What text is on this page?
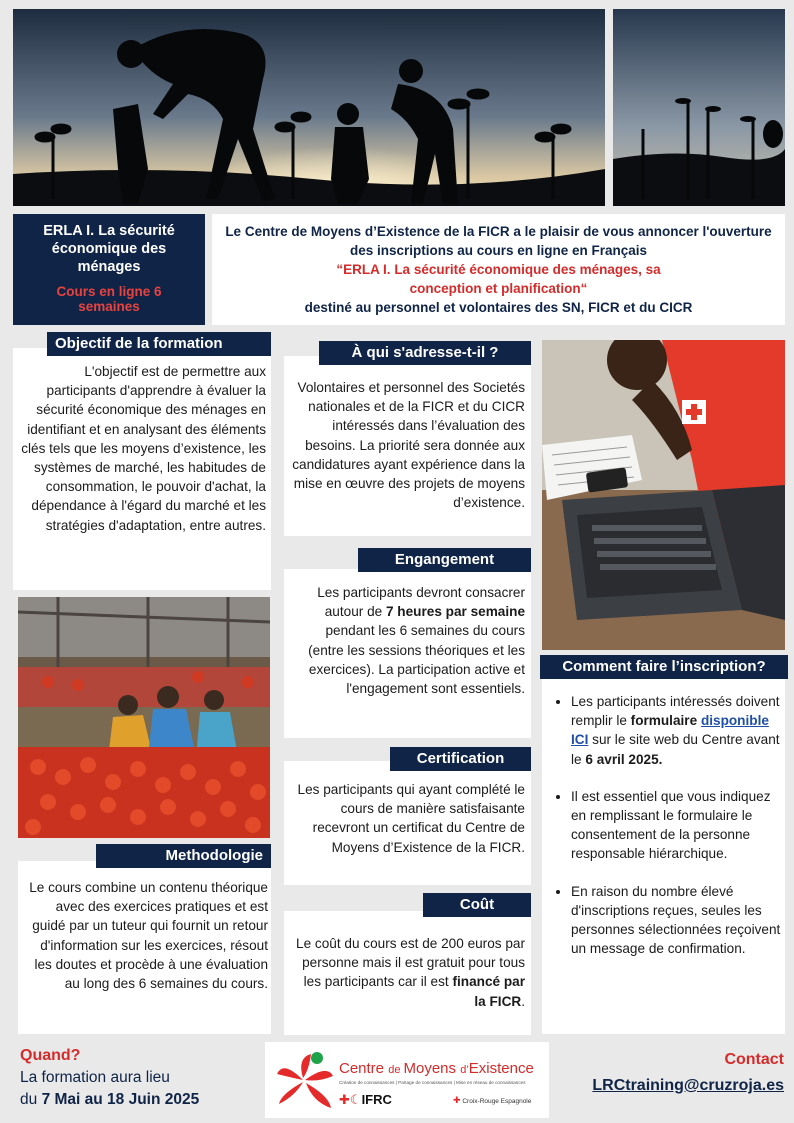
ERLA I. La sécurité économique des ménages
Cours en ligne 6 semaines
Le Centre de Moyens d’Existence de la FICR a le plaisir de vous annoncer l'ouverture des inscriptions au cours en ligne en Français
“ERLA I. La sécurité économique des ménages, sa conception et planification“
destiné au personnel et volontaires des SN, FICR et du CICR
Objectif de la formation
L'objectif est de permettre aux participants d'apprendre à évaluer la sécurité économique des ménages en identifiant et en analysant des éléments clés tels que les moyens d’existence, les systèmes de marché, les habitudes de consommation, le pouvoir d'achat, la dépendance à l'égard du marché et les stratégies d'adaptation, entre autres.
Methodologie
Le cours combine un contenu théorique avec des exercices pratiques et est guidé par un tuteur qui fournit un retour d'information sur les exercices, résout les doutes et procède à une évaluation au long des 6 semaines du cours.
À qui s'adresse-t-il ?
Volontaires et personnel des Societés nationales et de la FICR et du CICR intéressés dans l’évaluation des besoins. La priorité sera donnée aux candidatures ayant expérience dans la mise en œuvre des projets de moyens d’existence.
Engangement
Les participants devront consacrer autour de 7 heures par semaine pendant les 6 semaines du cours (entre les sessions théoriques et les exercices). La participation active et l'engagement sont essentiels.
Certification
Les participants qui ayant complété le cours de manière satisfaisante recevront un certificat du Centre de Moyens d’Existence de la FICR.
Coût
Le coût du cours est de 200 euros par personne mais il est gratuit pour tous les participants car il est financé par la FICR.
Comment faire l’inscription?
• Les participants intéressés doivent remplir le formulaire disponible ICI sur le site web du Centre avant le 6 avril 2025.
• Il est essentiel que vous indiquez en remplissant le formulaire le consentement de la personne responsable hiérarchique.
• En raison du nombre élevé d'inscriptions reçues, seules les personnes sélectionnées reçoivent un message de confirmation.
Quand?
La formation aura lieu
du 7 Mai au 18 Juin 2025
Centre de Moyens d’Existence
Création de connaissances | Partage de connaissances | Mise en réseau de connaissances
✚☾IFRC	✚ Croix-Rouge Espagnole
Contact
LRCtraining@cruzroja.es
